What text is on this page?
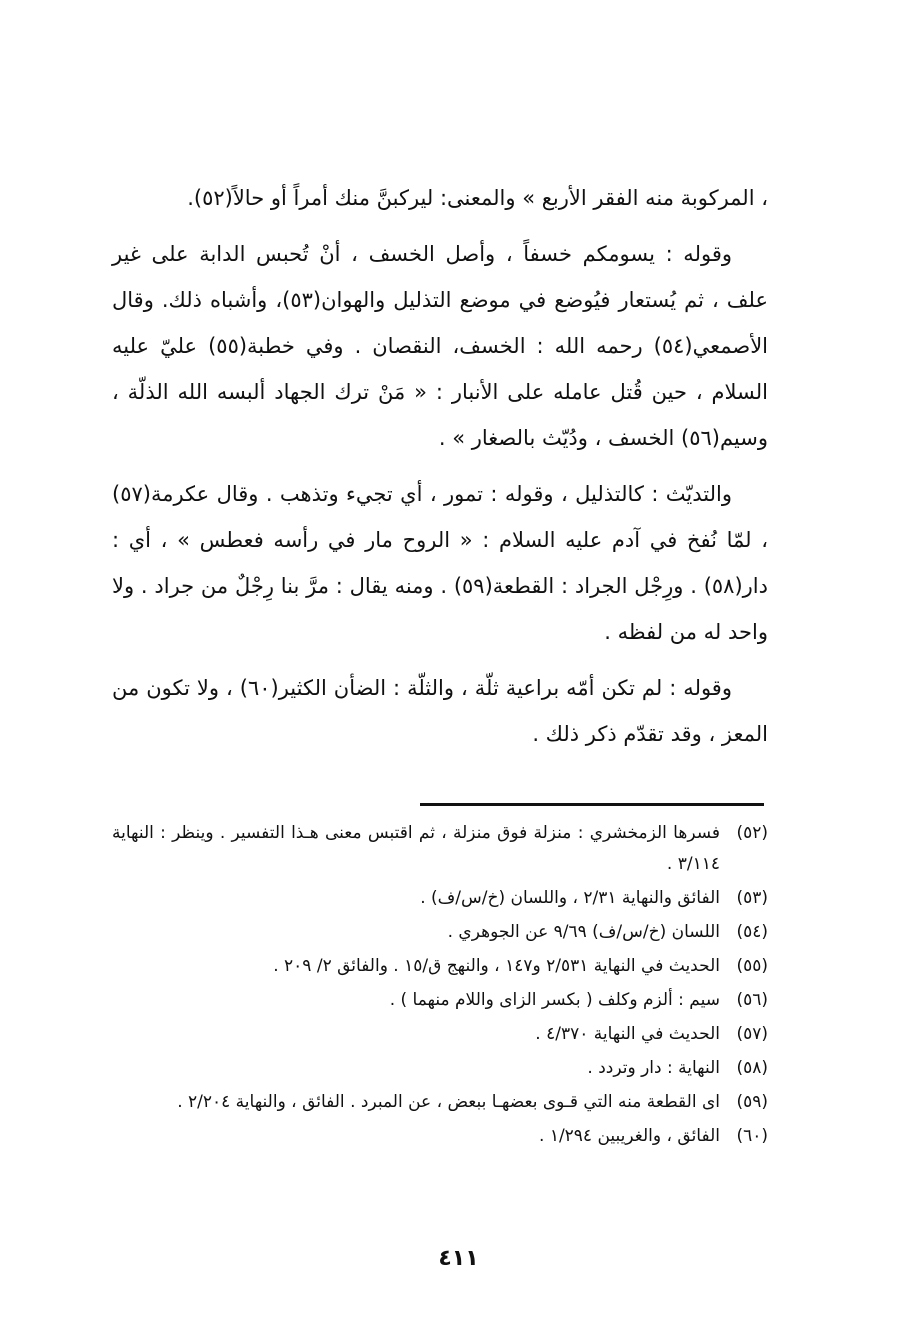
، المركوبة منه الفقر الأربع » والمعنى: ليركبنَّ منك أمراً أو حالاً(٥٢).

وقوله : يسومكم خسفاً ، وأصل الخسف ، أنْ تُحبس الدابة على غير علف ، ثم يُستعار فيُوضع في موضع التذليل والهوان(٥٣)، وأشباه ذلك. وقال الأصمعي(٥٤) رحمه الله : الخسف، النقصان . وفي خطبة(٥٥) عليّ عليه السلام ، حين قُتل عامله على الأنبار : « مَنْ ترك الجهاد ألبسه الله الذلّة ، وسيم(٥٦) الخسف ، ودُيّث بالصغار » .

والتديّث : كالتذليل ، وقوله : تمور ، أي تجيء وتذهب . وقال عكرمة(٥٧) ، لمّا نُفخ في آدم عليه السلام : « الروح مار في رأسه فعطس » ، أي : دار(٥٨) . ورِجْل الجراد : القطعة(٥٩) . ومنه يقال : مرَّ بنا رِجْلٌ من جراد . ولا واحد له من لفظه .

وقوله : لم تكن أمّه براعية ثلّة ، والثلّة : الضأن الكثير(٦٠) ، ولا تكون من المعز ، وقد تقدّم ذكر ذلك .

(٥٢)
فسرها الزمخشري : منزلة فوق منزلة ، ثم اقتبس معنى هـذا التفسير . وينظر : النهاية ٣/١١٤ .
(٥٣)
الفائق والنهاية ٢/٣١ ، واللسان (خ/س/ف) .
(٥٤)
اللسان (خ/س/ف) ٩/٦٩ عن الجوهري .
(٥٥)
الحديث في النهاية ٢/٥٣١ و١٤٧ ، والنهج ق/١٥ . والفائق ٢/ ٢٠٩ .
(٥٦)
سيم : ألزم وكلف ( بكسر الزاى واللام منهما ) .
(٥٧)
الحديث في النهاية ٤/٣٧٠ .
(٥٨)
النهاية : دار وتردد .
(٥٩)
اى القطعة منه التي قـوى بعضهـا ببعض ، عن المبرد . الفائق ، والنهاية ٢/٢٠٤ .
(٦٠)
الفائق ، والغريبين ١/٢٩٤ .
٤١١
